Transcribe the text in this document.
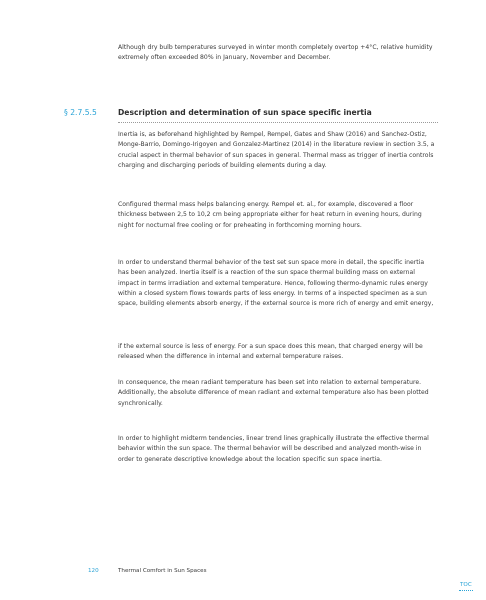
Although dry bulb temperatures surveyed in winter month completely overtop +4°C, relative humidity extremely often exceeded 80% in January, November and December.

§ 2.7.5.5	Description and determination of sun space specific inertia

Inertia is, as beforehand highlighted by Rempel, Rempel, Gates and Shaw (2016) and Sanchez-Ostiz, Monge-Barrio, Domingo-Irigoyen and Gonzalez-Martinez (2014) in the literature review in section 3.5, a crucial aspect in thermal behavior of sun spaces in general. Thermal mass as trigger of inertia controls charging and discharging periods of building elements during a day.

Configured thermal mass helps balancing energy. Rempel et. al., for example, discovered a floor thickness between 2,5 to 10,2 cm being appropriate either for heat return in evening hours, during night for nocturnal free cooling or for preheating in forthcoming morning hours.

In order to understand thermal behavior of the test set sun space more in detail, the specific inertia has been analyzed. Inertia itself is a reaction of the sun space thermal building mass on external impact in terms irradiation and external temperature. Hence, following thermo-dynamic rules energy within a closed system flows towards parts of less energy. In terms of a inspected specimen as a sun space, building elements absorb energy, if the external source is more rich of energy and emit energy,

if the external source is less of energy. For a sun space does this mean, that charged energy will be released when the difference in internal and external temperature raises.

In consequence, the mean radiant temperature has been set into relation to external temperature. Additionally, the absolute difference of mean radiant and external temperature also has been plotted synchronically.

In order to highlight midterm tendencies, linear trend lines graphically illustrate the effective thermal behavior within the sun space. The thermal behavior will be described and analyzed month-wise in order to generate descriptive knowledge about the location specific sun space inertia.

120	Thermal Comfort in Sun Spaces
TOC
